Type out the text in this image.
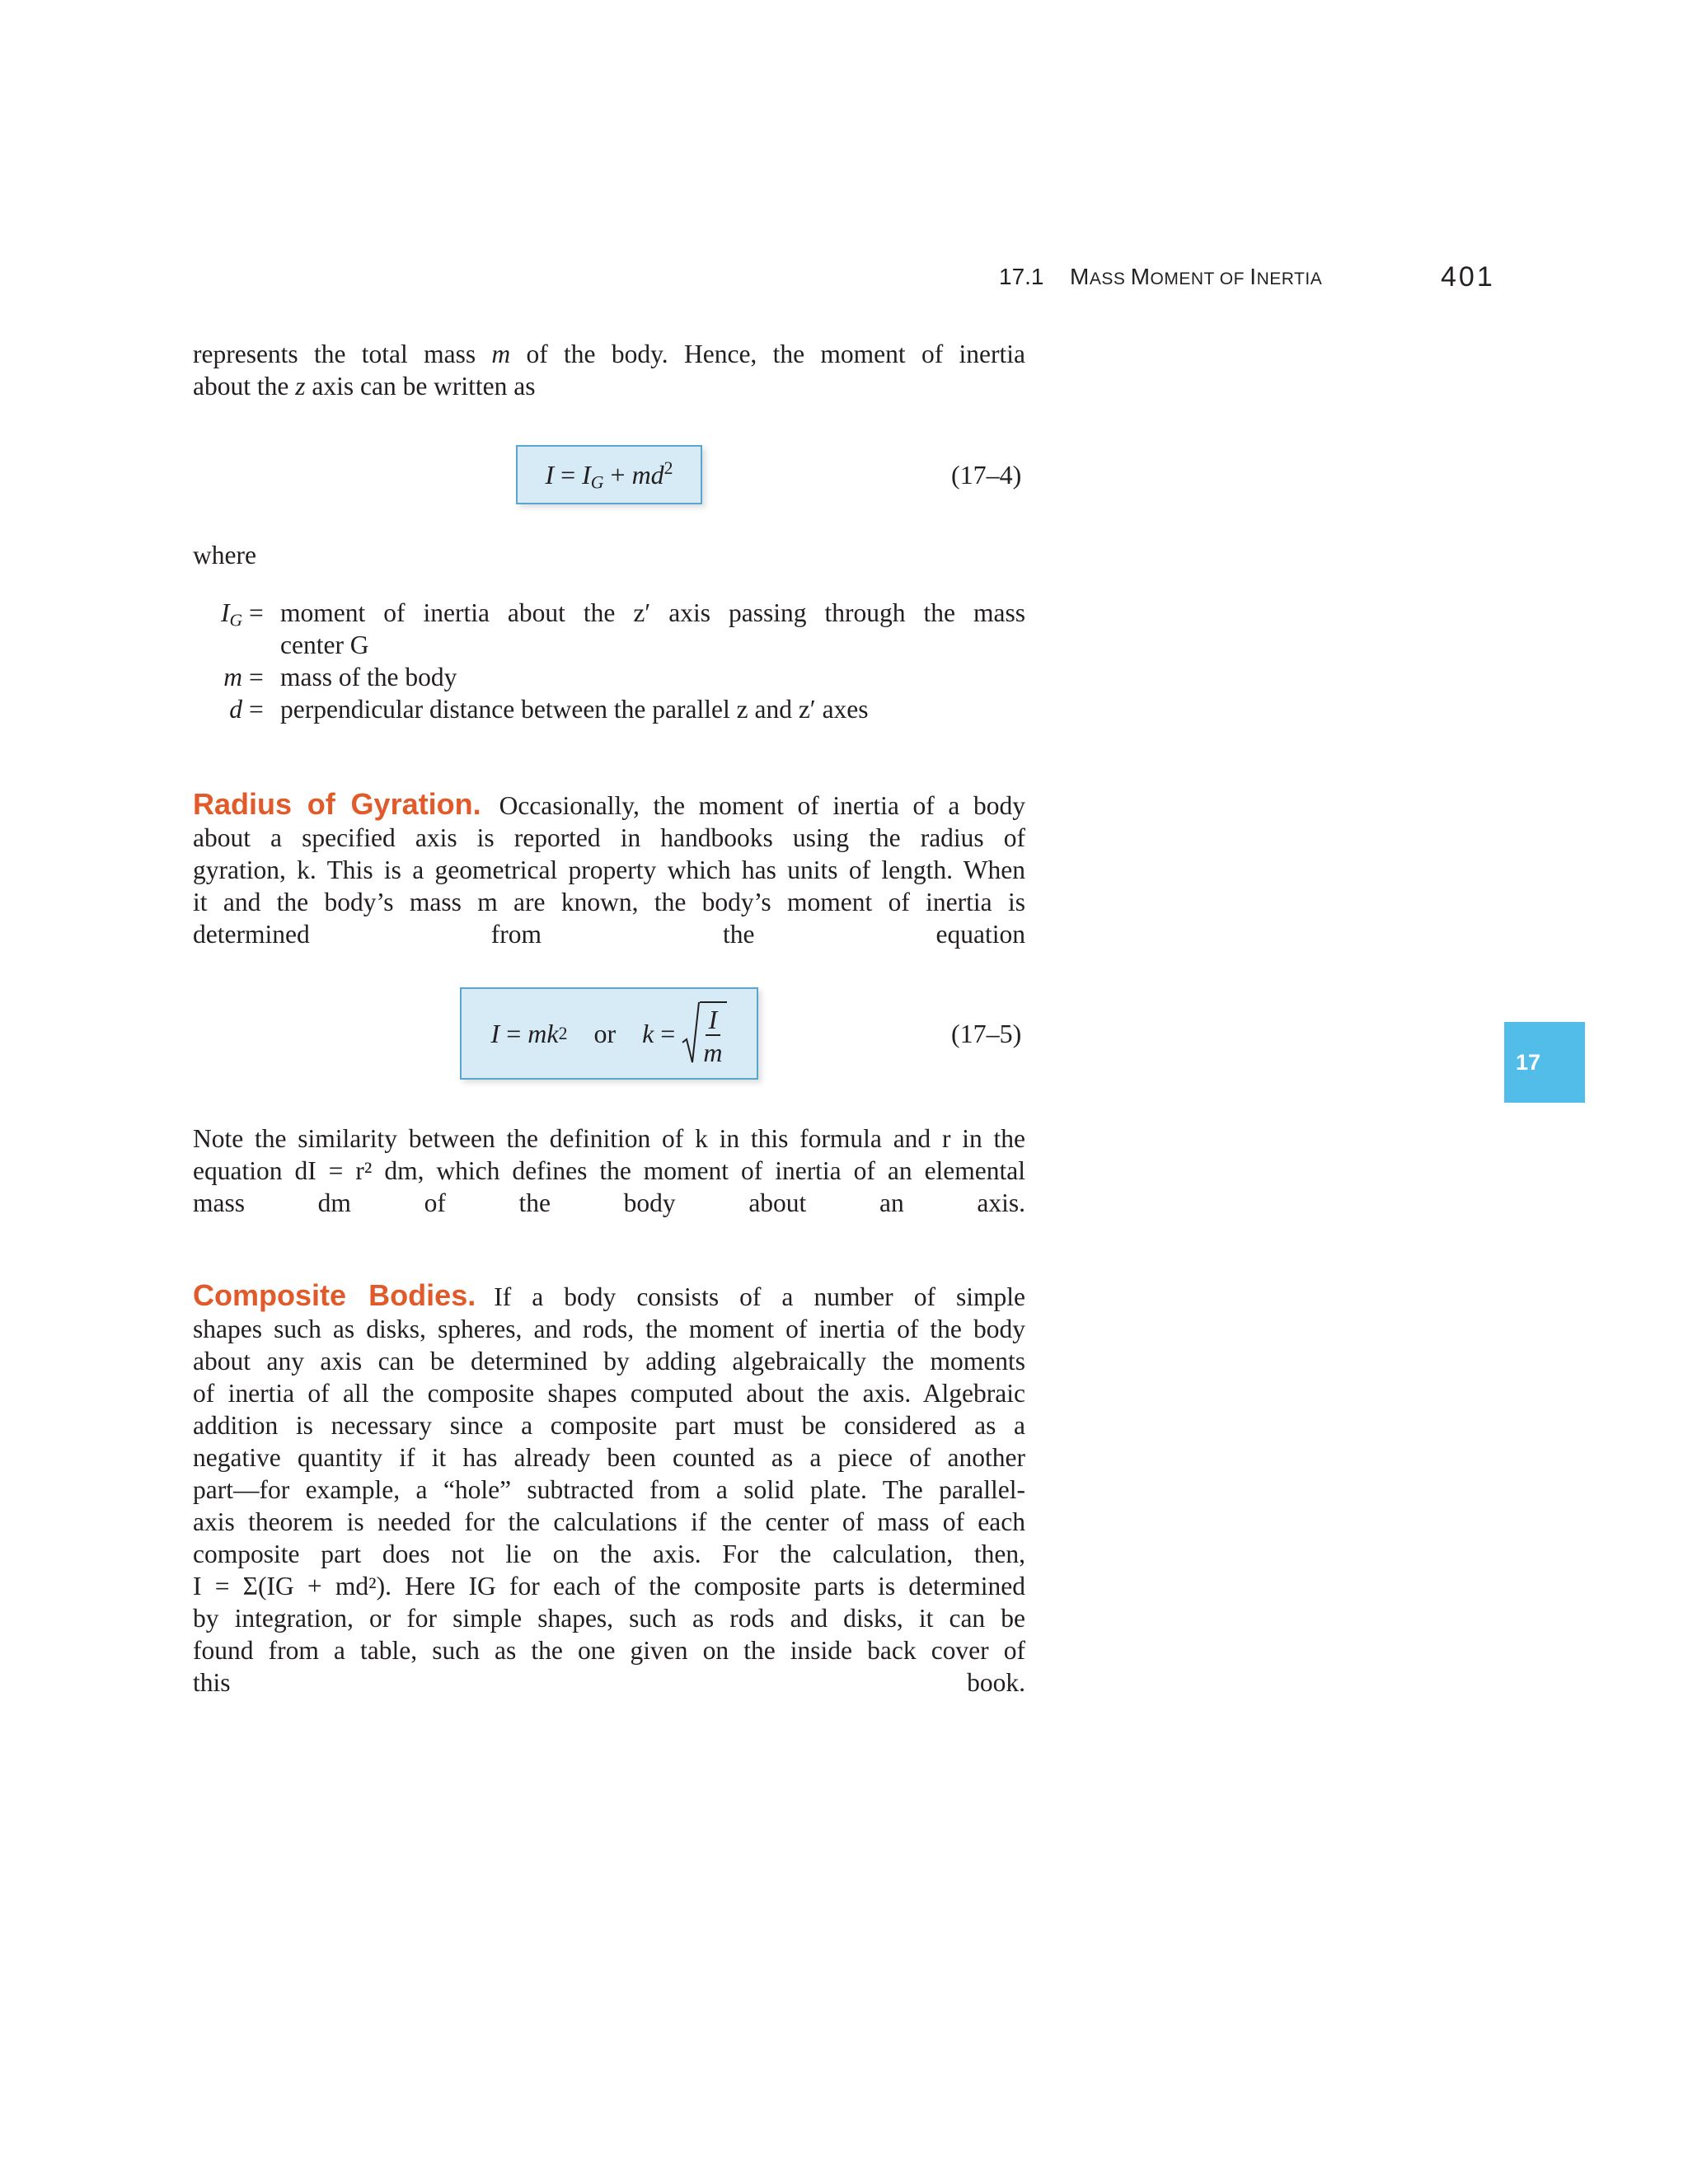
17.1 MASS MOMENT OF INERTIA	401
represents the total mass m of the body. Hence, the moment of inertia
about the z axis can be written as
$I = I_G + md^2$	(17–4)
where
$I_G$ = moment of inertia about the z′ axis passing through the mass
center G
m = mass of the body
d = perpendicular distance between the parallel z and z′ axes
Radius of Gyration. Occasionally, the moment of inertia of a body
about a specified axis is reported in handbooks using the radius of
gyration, k. This is a geometrical property which has units of length. When
it and the body’s mass m are known, the body’s moment of inertia is
determined from the equation
I
=
mk 2 or k
=
$\frac{I}{m}$	(17–5)
17
Note the similarity between the definition of k in this formula and r in the
equation dI = r² dm, which defines the moment of inertia of an elemental
mass dm of the body about an axis.
Composite Bodies. If a body consists of a number of simple
shapes such as disks, spheres, and rods, the moment of inertia of the body
about any axis can be determined by adding algebraically the moments
of inertia of all the composite shapes computed about the axis. Algebraic
addition is necessary since a composite part must be considered as a
negative quantity if it has already been counted as a piece of another
part—for example, a “hole” subtracted from a solid plate. The parallel-
axis theorem is needed for the calculations if the center of mass of each
composite part does not lie on the axis. For the calculation, then,
I = Σ(IG + md²). Here IG for each of the composite parts is determined
by integration, or for simple shapes, such as rods and disks, it can be
found from a table, such as the one given on the inside back cover of
this book.
